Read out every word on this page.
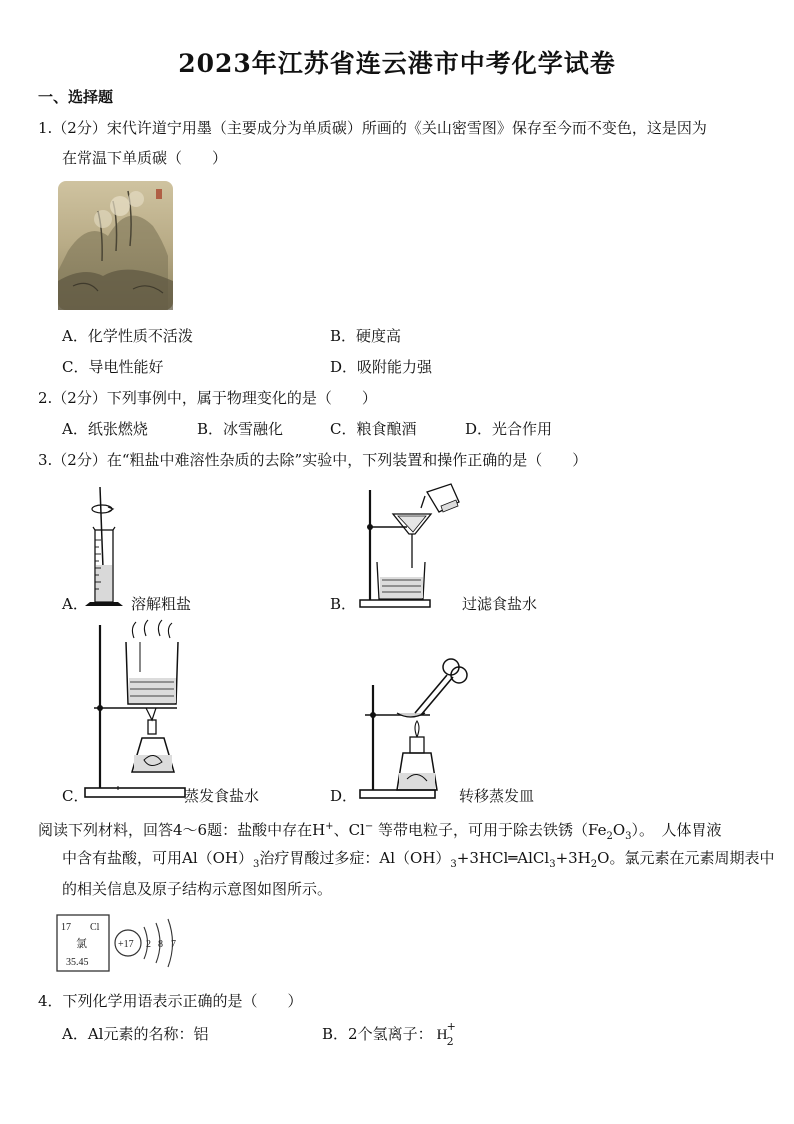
2023年江苏省连云港市中考化学试卷
一、选择题
1.（2分）宋代许道宁用墨（主要成分为单质碳）所画的《关山密雪图》保存至今而不变色，这是因为
在常温下单质碳（　　）
A．化学性质不活泼	B．硬度高
C．导电性能好	D．吸附能力强
2.（2分）下列事例中，属于物理变化的是（　　）
A．纸张燃烧	B．冰雪融化	C．粮食酿酒	D．光合作用
3.（2分）在“粗盐中难溶性杂质的去除”实验中，下列装置和操作正确的是（　　）
A．	溶解粗盐	B．	过滤食盐水
C．	蒸发食盐水	D．	转移蒸发皿
阅读下列材料，回答4～6题：盐酸中存在H+、Cl− 等带电粒子，可用于除去铁锈$(Fe_2O_3)$。　人体胃液
中含有盐酸，可用$Al(OH)_3$治疗胃酸过多症：$Al(OH)_3+3HCl═AlCl_3+3H_2O$。氯元素在元素周期表中
的相关信息及原子结构示意图如图所示。
17 Cl
氯
35.45
+17 2 8 7
4．下列化学用语表示正确的是（　　）
A．Al元素的名称：铝	B．2个氢离子： H
+
2
